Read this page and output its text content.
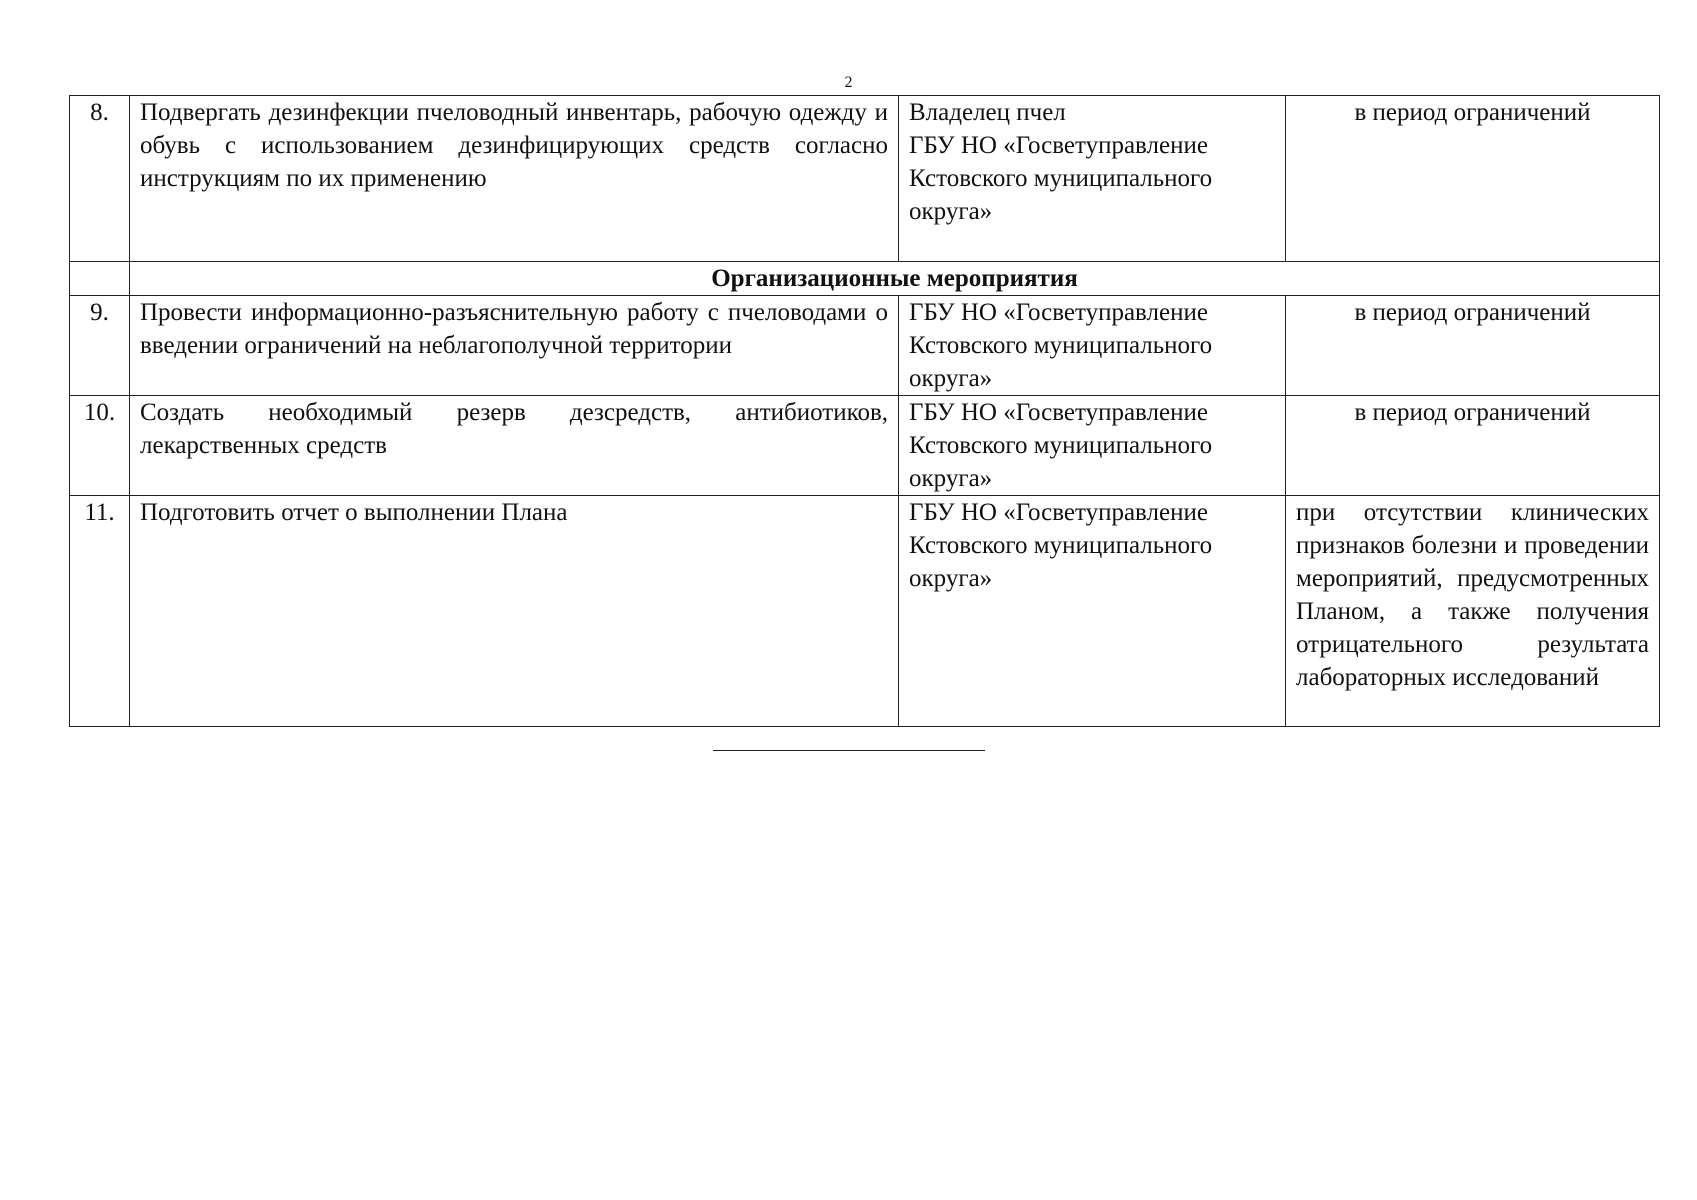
2
8.	Подвергать дезинфекции пчеловодный инвентарь, рабочую одежду и обувь с использованием дезинфицирующих средств согласно инструкциям по их применению	Владелец пчел
ГБУ НО «Госветуправление
Кстовского муниципального
округа»	в период ограничений
	Организационные мероприятия		
9.	Провести информационно-разъяснительную работу с пчеловодами о введении ограничений на неблагополучной территории	ГБУ НО «Госветуправление
Кстовского муниципального
округа»	в период ограничений
10.	Создать необходимый резерв дезсредств, антибиотиков, лекарственных средств	ГБУ НО «Госветуправление
Кстовского муниципального
округа»	в период ограничений
11.	Подготовить отчет о выполнении Плана	ГБУ НО «Госветуправление
Кстовского муниципального
округа»	при отсутствии клинических признаков болезни и проведении мероприятий, предусмотренных Планом, а также получения отрицательного результата лабораторных исследований
